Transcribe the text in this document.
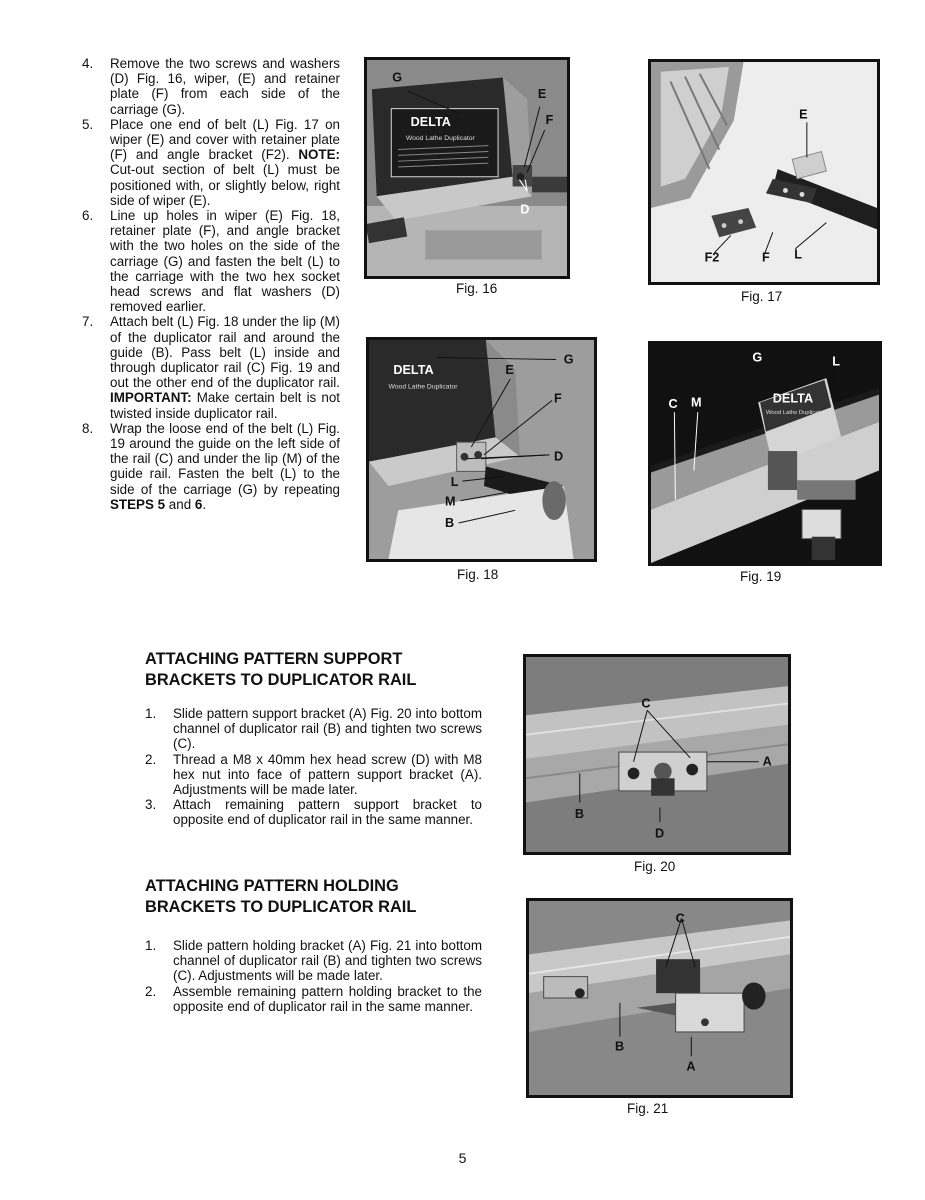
4.	Remove the two screws and washers (D) Fig. 16, wiper, (E) and retainer plate (F) from each side of the carriage (G).
5.	Place one end of belt (L) Fig. 17 on wiper (E) and cover with retainer plate (F) and angle bracket (F2). NOTE: Cut-out section of belt (L) must be positioned with, or slightly below, right side of wiper (E).
6.	Line up holes in wiper (E) Fig. 18, retainer plate (F), and angle bracket with the two holes on the side of the carriage (G) and fasten the belt (L) to the carriage with the two hex socket head screws and flat washers (D) removed earlier.
7.	Attach belt (L) Fig. 18 under the lip (M) of the duplicator rail and around the guide (B). Pass belt (L) inside and through duplicator rail (C) Fig. 19 and out the other end of the duplicator rail. IMPORTANT: Make certain belt is not twisted inside duplicator rail.
8.	Wrap the loose end of the belt (L) Fig. 19 around the guide on the left side of the rail (C) and under the lip (M) of the guide rail. Fasten the belt (L) to the side of the carriage (G) by repeating STEPS 5 and 6.
DELTA
Wood Lathe Duplicator
G
E
F
D
Fig. 16
E
F2	F L
Fig. 17
DELTA
Wood Lathe Duplicator
G
E
F
D
L
M
B
Fig. 18
DELTA
Wood Lathe Duplicator
G	L
C M
Fig. 19
ATTACHING PATTERN SUPPORT
BRACKETS TO DUPLICATOR RAIL
1.	Slide pattern support bracket (A) Fig. 20 into bottom channel of duplicator rail (B) and tighten two screws (C).
2.	Thread a M8 x 40mm hex head screw (D) with M8 hex nut into face of pattern support bracket (A). Adjustments will be made later.
3.	Attach remaining pattern support bracket to opposite end of duplicator rail in the same manner.
C
A
B
D
Fig. 20
ATTACHING PATTERN HOLDING
BRACKETS TO DUPLICATOR RAIL
1.	Slide pattern holding bracket (A) Fig. 21 into bottom channel of duplicator rail (B) and tighten two screws (C). Adjustments will be made later.
2.	Assemble remaining pattern holding bracket to the opposite end of duplicator rail in the same manner.
C
B
A
Fig. 21
5
